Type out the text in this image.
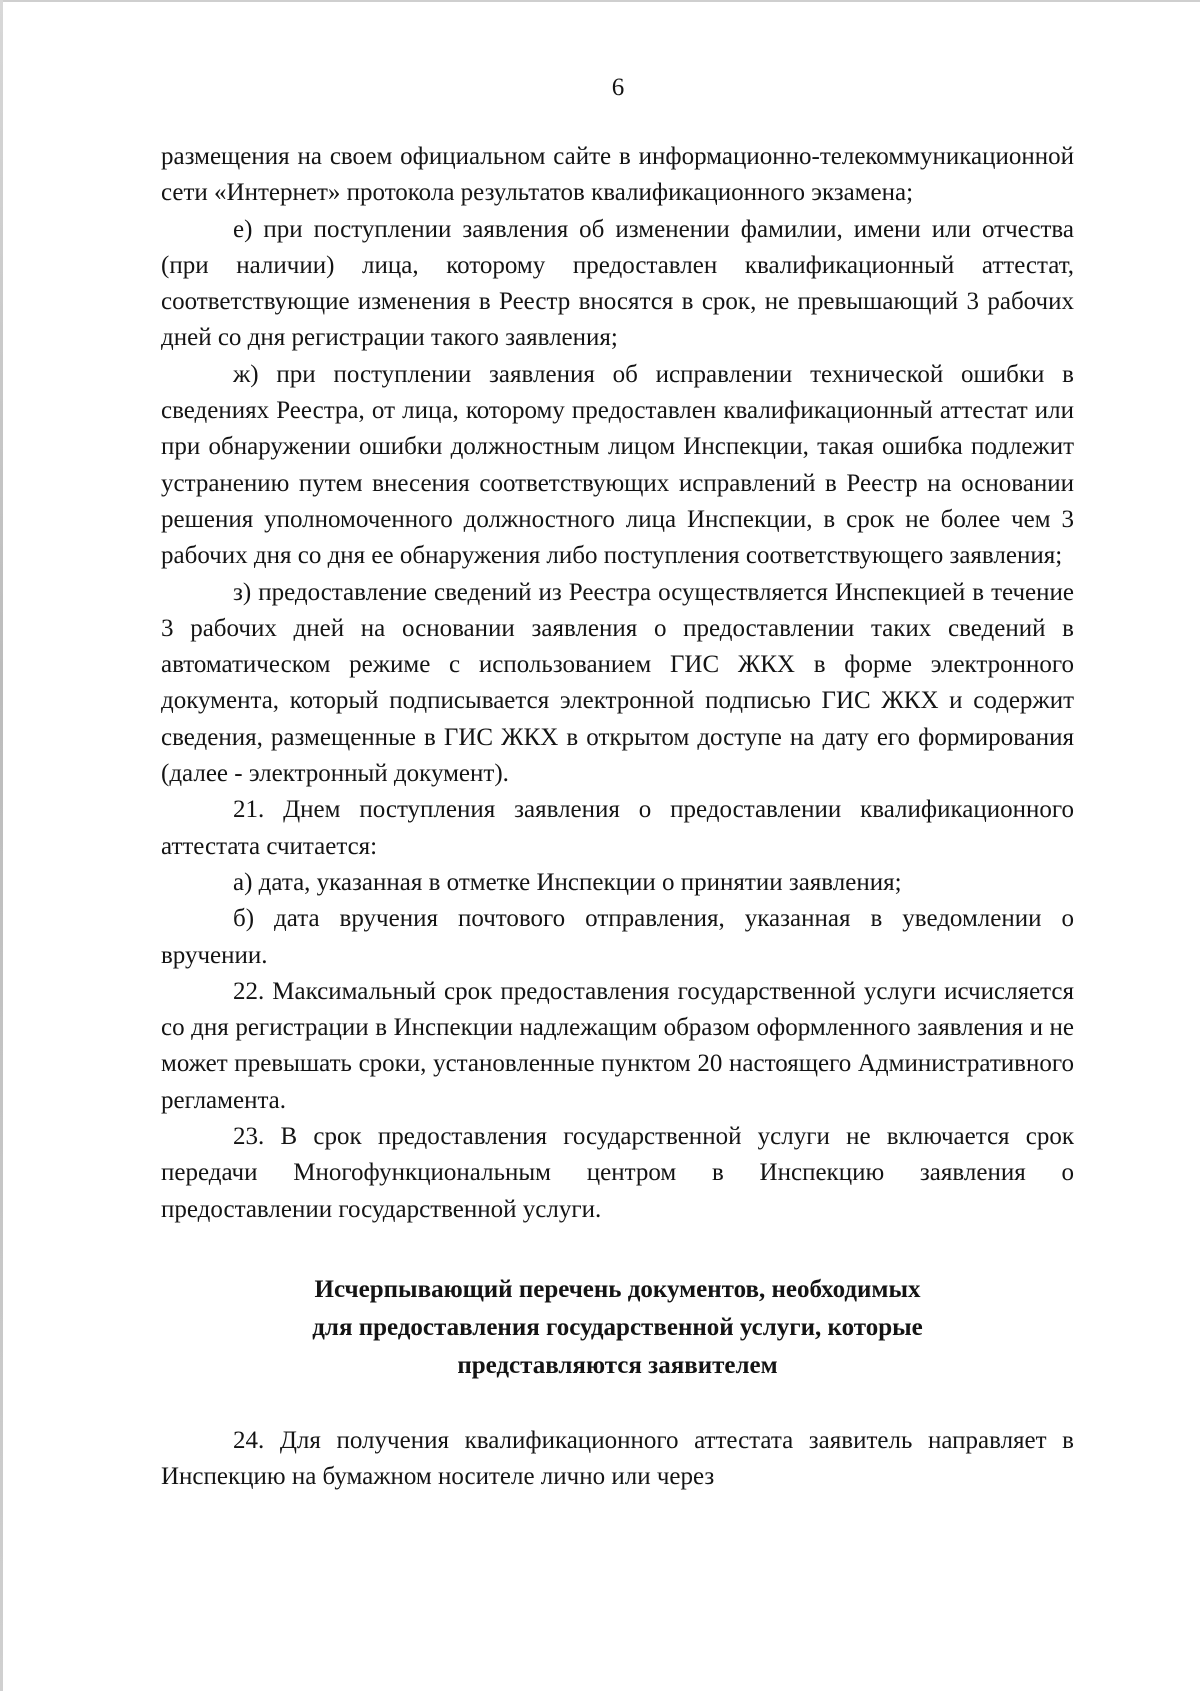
6

размещения на своем официальном сайте в информационно-телекоммуникационной сети «Интернет» протокола результатов квалификационного экзамена;

е) при поступлении заявления об изменении фамилии, имени или отчества (при наличии) лица, которому предоставлен квалификационный аттестат, соответствующие изменения в Реестр вносятся в срок, не превышающий 3 рабочих дней со дня регистрации такого заявления;

ж) при поступлении заявления об исправлении технической ошибки в сведениях Реестра, от лица, которому предоставлен квалификационный аттестат или при обнаружении ошибки должностным лицом Инспекции, такая ошибка подлежит устранению путем внесения соответствующих исправлений в Реестр на основании решения уполномоченного должностного лица Инспекции, в срок не более чем 3 рабочих дня со дня ее обнаружения либо поступления соответствующего заявления;

з) предоставление сведений из Реестра осуществляется Инспекцией в течение 3 рабочих дней на основании заявления о предоставлении таких сведений в автоматическом режиме с использованием ГИС ЖКХ в форме электронного документа, который подписывается электронной подписью ГИС ЖКХ и содержит сведения, размещенные в ГИС ЖКХ в открытом доступе на дату его формирования (далее - электронный документ).

21. Днем поступления заявления о предоставлении квалификационного аттестата считается:

а) дата, указанная в отметке Инспекции о принятии заявления;

б) дата вручения почтового отправления, указанная в уведомлении о вручении.

22. Максимальный срок предоставления государственной услуги исчисляется со дня регистрации в Инспекции надлежащим образом оформленного заявления и не может превышать сроки, установленные пунктом 20 настоящего Административного регламента.

23. В срок предоставления государственной услуги не включается срок передачи Многофункциональным центром в Инспекцию заявления о предоставлении государственной услуги.

Исчерпывающий перечень документов, необходимых
для предоставления государственной услуги, которые
представляются заявителем

24. Для получения квалификационного аттестата заявитель направляет в Инспекцию на бумажном носителе лично или через
